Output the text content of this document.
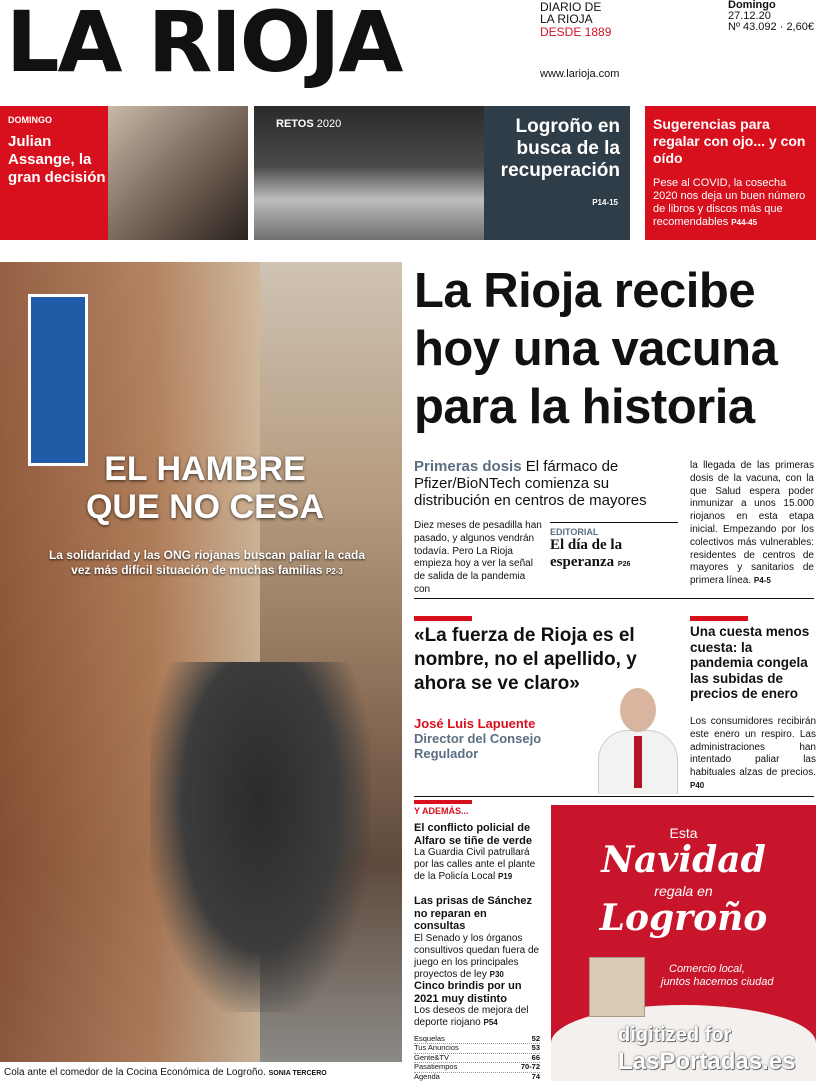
LA RIOJA	DIARIO DE
LA RIOJA
DESDE 1889
www.larioja.com
Domingo 27.12.20
Nº 43.092 · 2,60€
DOMINGO
Julian Assange, la gran decisión
RETOS 2020	Logroño en busca de la recuperación
P14-15
Sugerencias para regalar con ojo... y con oído
Pese al COVID, la cosecha 2020 nos deja un buen número de libros y discos más que recomendables P44-45
EL HAMBRE
QUE NO CESA
La solidaridad y las ONG riojanas buscan paliar la cada vez más difícil situación de muchas familias P2-3
Cola ante el comedor de la Cocina Económica de Logroño. SONIA TERCERO
La Rioja recibe hoy una vacuna para la historia
Primeras dosis El fármaco de Pfizer/BioNTech comienza su distribución en centros de mayores
Diez meses de pesadilla han pasado, y algunos vendrán todavía. Pero La Rioja empieza hoy a ver la señal de salida de la pandemia con
EDITORIAL
El día de la esperanza P26
la llegada de las primeras dosis de la vacuna, con la que Salud espera poder inmunizar a unos 15.000 riojanos en esta etapa inicial. Empezando por los colectivos más vulnerables: residentes de centros de mayores y sanitarios de primera línea. P4-5
«La fuerza de Rioja es el nombre, no el apellido, y ahora se ve claro»
José Luis Lapuente
Director del Consejo Regulador
Una cuesta menos cuesta: la pandemia congela las subidas de precios de enero
Los consumidores recibirán este enero un respiro. Las administraciones han intentado paliar las habituales alzas de precios. P40
Y ADEMÁS...
El conflicto policial de Alfaro se tiñe de verde
La Guardia Civil patrullará por las calles ante el plante de la Policía Local P19
Las prisas de Sánchez no reparan en consultas
El Senado y los órganos consultivos quedan fuera de juego en los principales proyectos de ley P30
Cinco brindis por un 2021 muy distinto
Los deseos de mejora del deporte riojano P54
Esquelas	52
Tus Anuncios	53
Gente&TV	66
Pasatiempos	70-72
Agenda	74
Esta
Navidad
regala en
Logroño
Comercio local,
juntos hacemos ciudad
digitized for
LasPortadas.es
